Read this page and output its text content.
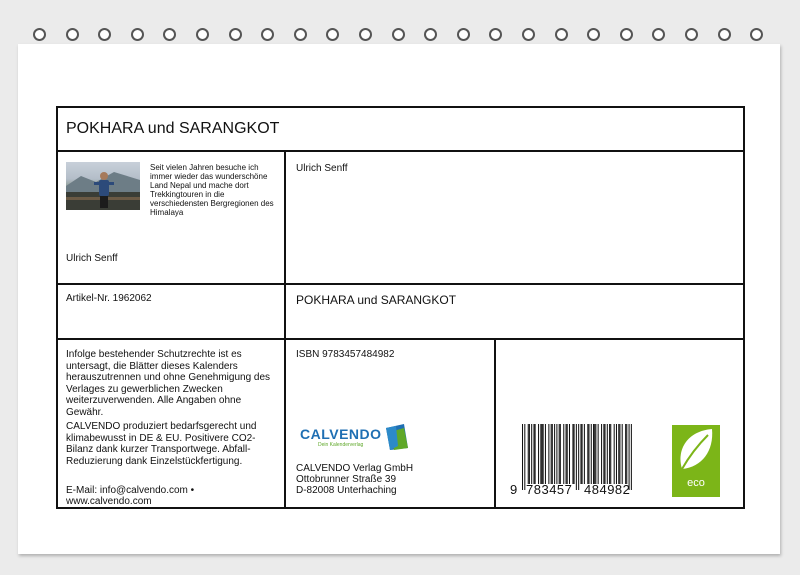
POKHARA und SARANGKOT
Seit vielen Jahren besuche ich immer wieder das wunderschöne Land Nepal und mache dort Trekkingtouren in die verschiedensten Bergregionen des Himalaya
Ulrich Senff
Ulrich Senff
Artikel-Nr. 1962062	POKHARA und SARANGKOT
Infolge bestehender Schutzrechte ist es untersagt, die Blätter dieses Kalenders herauszutrennen und ohne Genehmigung des Verlages zu gewerblichen Zwecken weiterzuverwenden. Alle Angaben ohne Gewähr.
CALVENDO produziert bedarfsgerecht und klimabewusst in DE & EU. Positivere CO2-Bilanz dank kurzer Transportwege. Abfall-Reduzierung dank Einzelstückfertigung.
E-Mail: info@calvendo.com •
www.calvendo.com
ISBN 9783457484982
CALVENDO
Dein Kalenderverlag
CALVENDO Verlag GmbH
Ottobrunner Straße 39
D-82008 Unterhaching	9 783457 484982	eco
